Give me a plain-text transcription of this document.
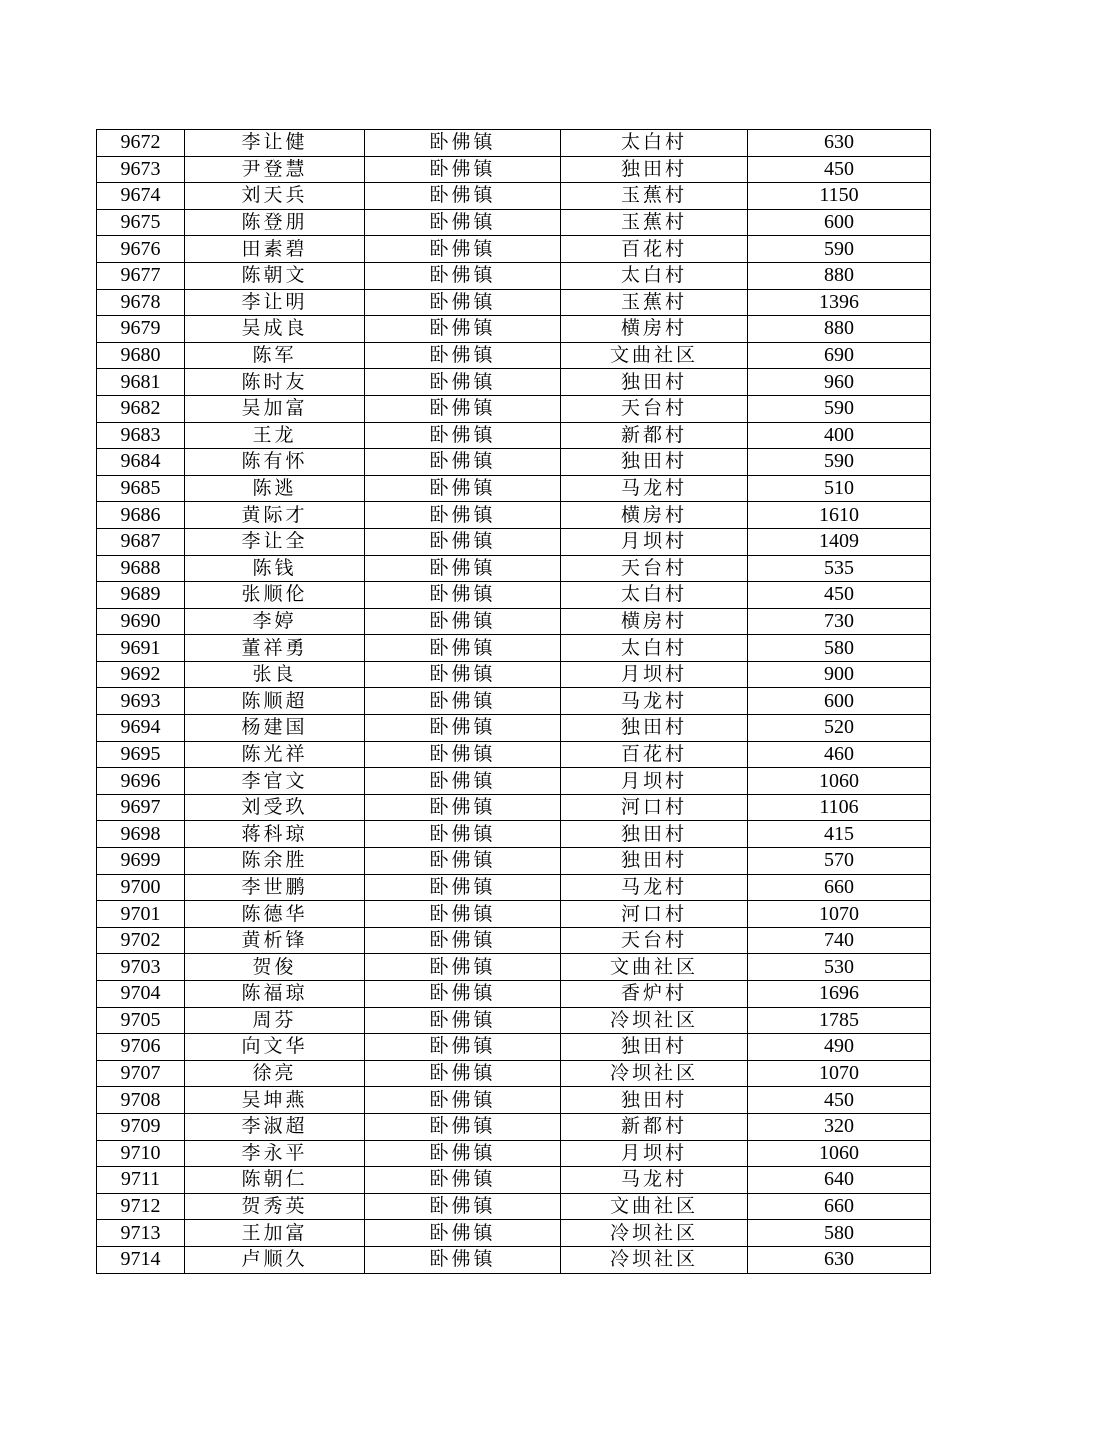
9672	李让健	卧佛镇	太白村	630
9673	尹登慧	卧佛镇	独田村	450
9674	刘天兵	卧佛镇	玉蕉村	1150
9675	陈登朋	卧佛镇	玉蕉村	600
9676	田素碧	卧佛镇	百花村	590
9677	陈朝文	卧佛镇	太白村	880
9678	李让明	卧佛镇	玉蕉村	1396
9679	吴成良	卧佛镇	横房村	880
9680	陈军	卧佛镇	文曲社区	690
9681	陈时友	卧佛镇	独田村	960
9682	吴加富	卧佛镇	天台村	590
9683	王龙	卧佛镇	新都村	400
9684	陈有怀	卧佛镇	独田村	590
9685	陈逃	卧佛镇	马龙村	510
9686	黄际才	卧佛镇	横房村	1610
9687	李让全	卧佛镇	月坝村	1409
9688	陈钱	卧佛镇	天台村	535
9689	张顺伦	卧佛镇	太白村	450
9690	李婷	卧佛镇	横房村	730
9691	董祥勇	卧佛镇	太白村	580
9692	张良	卧佛镇	月坝村	900
9693	陈顺超	卧佛镇	马龙村	600
9694	杨建国	卧佛镇	独田村	520
9695	陈光祥	卧佛镇	百花村	460
9696	李官文	卧佛镇	月坝村	1060
9697	刘受玖	卧佛镇	河口村	1106
9698	蒋科琼	卧佛镇	独田村	415
9699	陈余胜	卧佛镇	独田村	570
9700	李世鹏	卧佛镇	马龙村	660
9701	陈德华	卧佛镇	河口村	1070
9702	黄析锋	卧佛镇	天台村	740
9703	贺俊	卧佛镇	文曲社区	530
9704	陈福琼	卧佛镇	香炉村	1696
9705	周芬	卧佛镇	冷坝社区	1785
9706	向文华	卧佛镇	独田村	490
9707	徐亮	卧佛镇	冷坝社区	1070
9708	吴坤燕	卧佛镇	独田村	450
9709	李淑超	卧佛镇	新都村	320
9710	李永平	卧佛镇	月坝村	1060
9711	陈朝仁	卧佛镇	马龙村	640
9712	贺秀英	卧佛镇	文曲社区	660
9713	王加富	卧佛镇	冷坝社区	580
9714	卢顺久	卧佛镇	冷坝社区	630
